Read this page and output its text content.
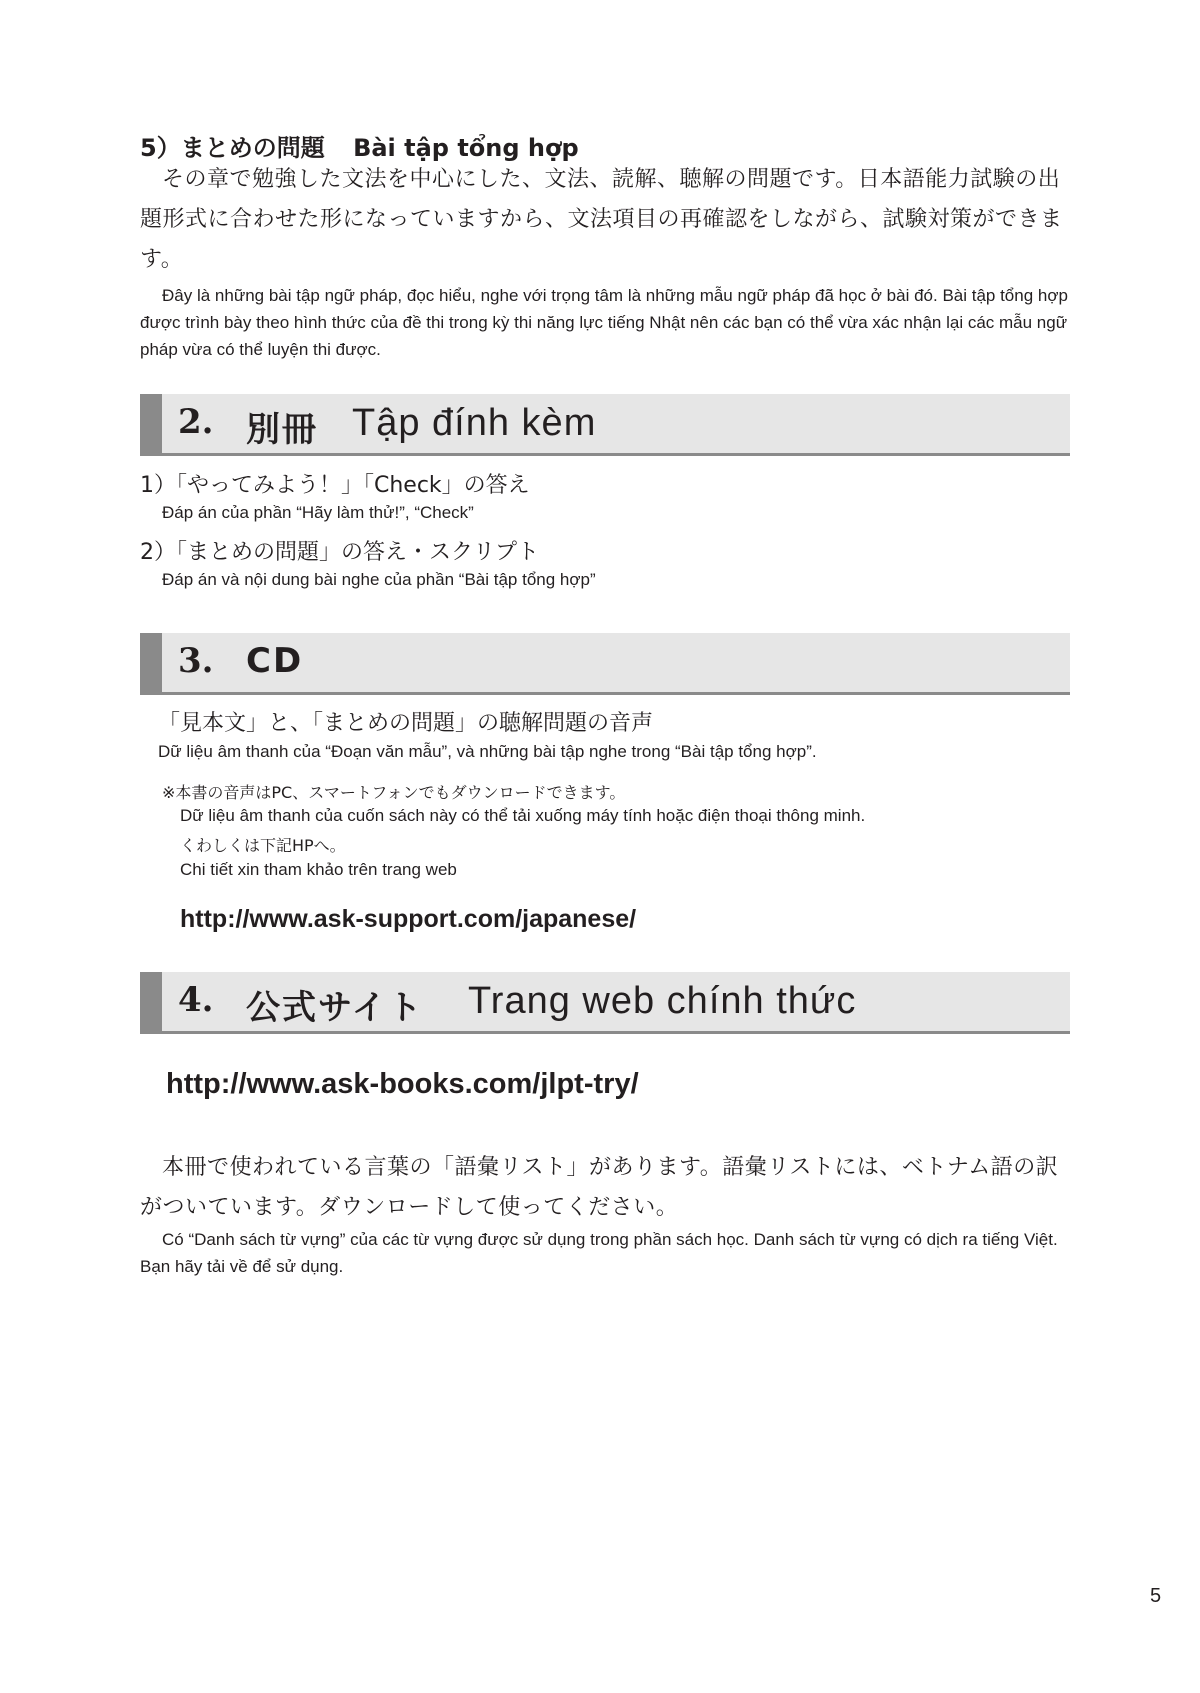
5）まとめの問題 Bài tập tổng hợp
その章で勉強した文法を中心にした、文法、読解、聴解の問題です。日本語能力試験の出題形式に合わせた形になっていますから、文法項目の再確認をしながら、試験対策ができます。
Đây là những bài tập ngữ pháp, đọc hiểu, nghe với trọng tâm là những mẫu ngữ pháp đã học ở bài đó. Bài tập tổng hợp được trình bày theo hình thức của đề thi trong kỳ thi năng lực tiếng Nhật nên các bạn có thể vừa xác nhận lại các mẫu ngữ pháp vừa có thể luyện thi được.
2. 別冊 Tập đính kèm
1）「やってみよう！」「Check」の答え
Đáp án của phần “Hãy làm thử!”, “Check”
2）「まとめの問題」の答え・スクリプト
Đáp án và nội dung bài nghe của phần “Bài tập tổng hợp”
3. CD
「見本文」と、「まとめの問題」の聴解問題の音声
Dữ liệu âm thanh của “Đoạn văn mẫu”, và những bài tập nghe trong “Bài tập tổng hợp”.
※本書の音声はPC、スマートフォンでもダウンロードできます。
Dữ liệu âm thanh của cuốn sách này có thể tải xuống máy tính hoặc điện thoại thông minh.
くわしくは下記HPへ。
Chi tiết xin tham khảo trên trang web
http://www.ask-support.com/japanese/
4. 公式サイト Trang web chính thức
http://www.ask-books.com/jlpt-try/
本冊で使われている言葉の「語彙リスト」があります。語彙リストには、ベトナム語の訳がついています。ダウンロードして使ってください。
Có “Danh sách từ vựng” của các từ vựng được sử dụng trong phần sách học. Danh sách từ vựng có dịch ra tiếng Việt. Bạn hãy tải về để sử dụng.
5
